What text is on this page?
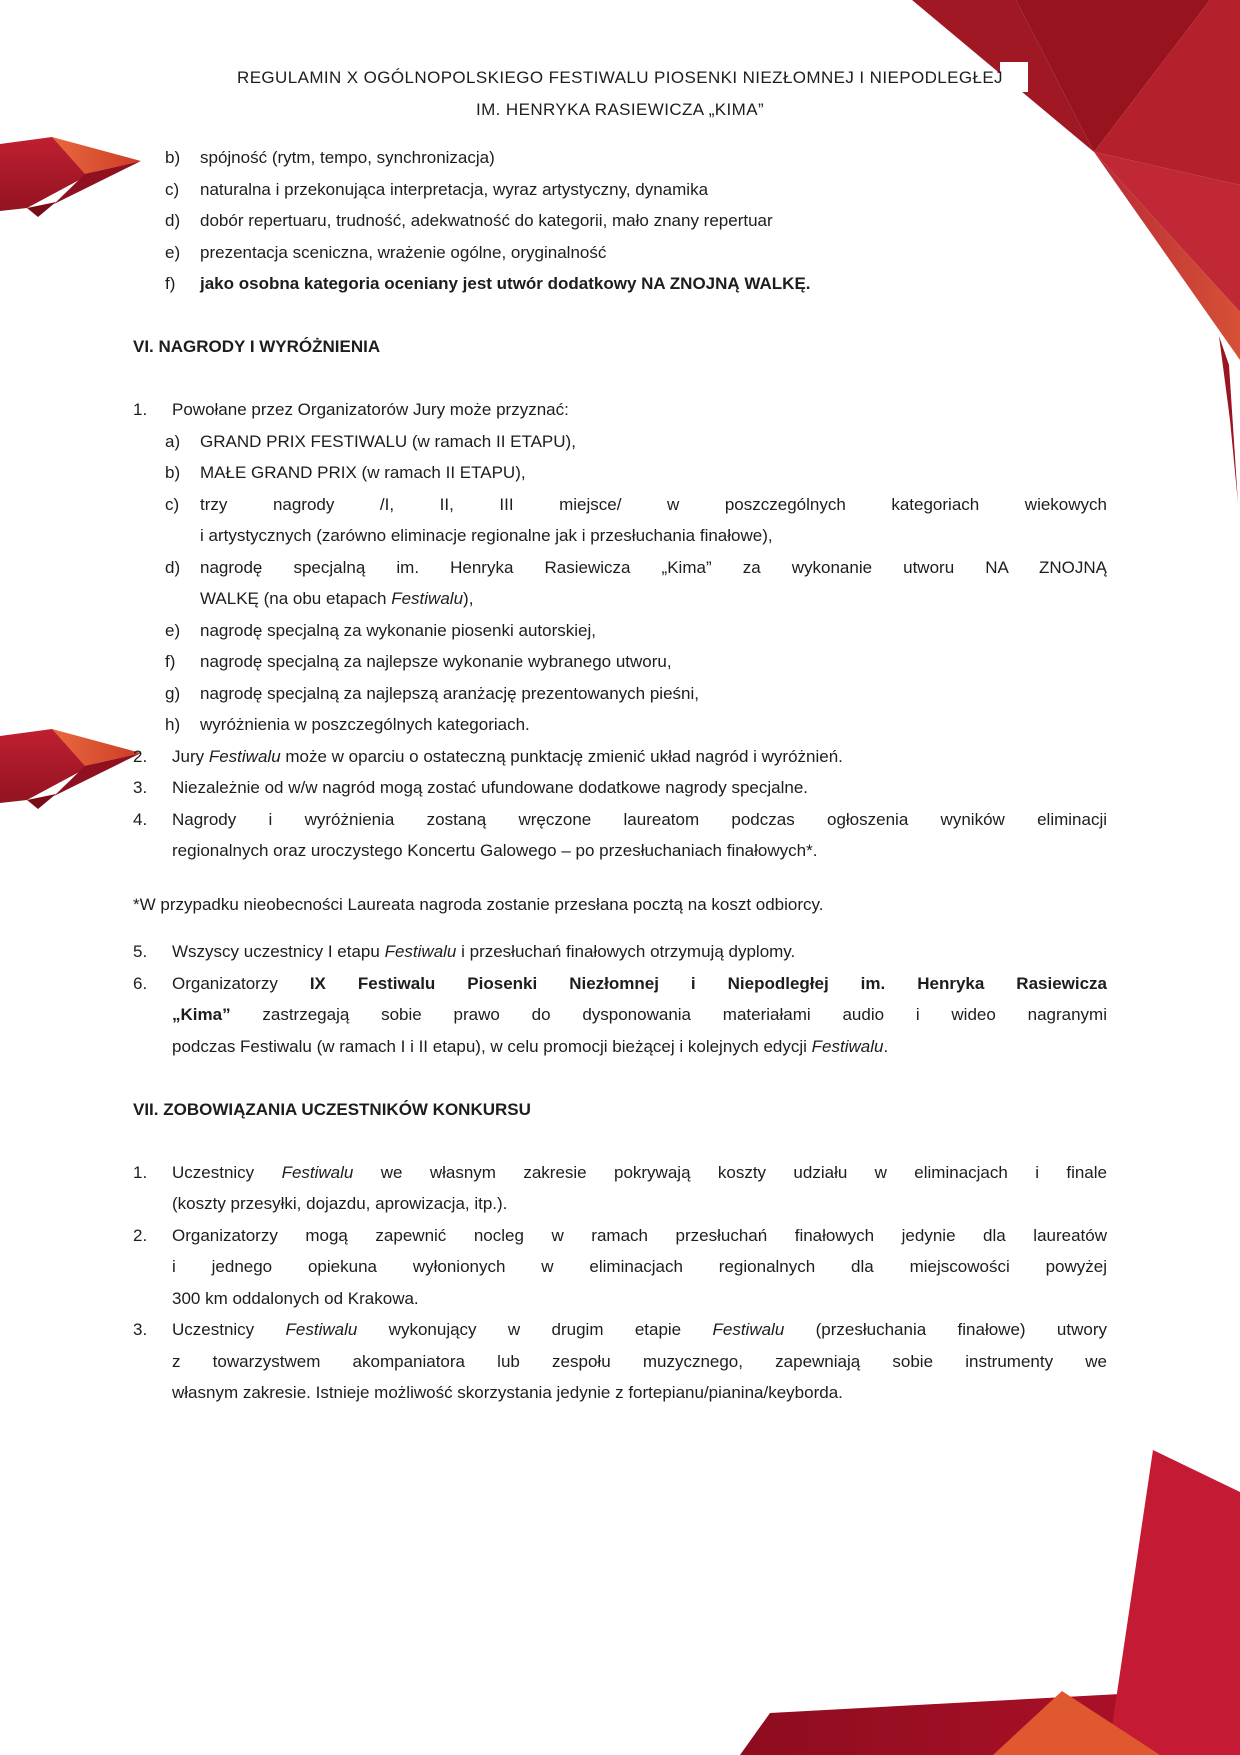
REGULAMIN X OGÓLNOPOLSKIEGO FESTIWALU PIOSENKI NIEZŁOMNEJ I NIEPODLEGŁEJ
IM. HENRYKA RASIEWICZA „KIMA”
b)	spójność (rytm, tempo, synchronizacja)
c)	naturalna i przekonująca interpretacja, wyraz artystyczny, dynamika
d)	dobór repertuaru, trudność, adekwatność do kategorii, mało znany repertuar
e)	prezentacja sceniczna, wrażenie ogólne, oryginalność
f)	jako osobna kategoria oceniany jest utwór dodatkowy NA ZNOJNĄ WALKĘ.
VI. NAGRODY I WYRÓŻNIENIA
1.	Powołane przez Organizatorów Jury może przyznać:
a)	GRAND PRIX FESTIWALU (w ramach II ETAPU),
b)	MAŁE GRAND PRIX (w ramach II ETAPU),
c)	trzy nagrody /I, II, III miejsce/ w poszczególnych kategoriach wiekowych
i artystycznych (zarówno eliminacje regionalne jak i przesłuchania finałowe),
d)	nagrodę specjalną im. Henryka Rasiewicza „Kima” za wykonanie utworu NA ZNOJNĄ
WALKĘ (na obu etapach Festiwalu),
e)	nagrodę specjalną za wykonanie piosenki autorskiej,
f)	nagrodę specjalną za najlepsze wykonanie wybranego utworu,
g)	nagrodę specjalną za najlepszą aranżację prezentowanych pieśni,
h)	wyróżnienia w poszczególnych kategoriach.
2.	Jury Festiwalu może w oparciu o ostateczną punktację zmienić układ nagród i wyróżnień.
3.	Niezależnie od w/w nagród mogą zostać ufundowane dodatkowe nagrody specjalne.
4.	Nagrody i wyróżnienia zostaną wręczone laureatom podczas ogłoszenia wyników eliminacji
regionalnych oraz uroczystego Koncertu Galowego – po przesłuchaniach finałowych*.
*W przypadku nieobecności Laureata nagroda zostanie przesłana pocztą na koszt odbiorcy.
5.	Wszyscy uczestnicy I etapu Festiwalu i przesłuchań finałowych otrzymują dyplomy.
6.	Organizatorzy IX Festiwalu Piosenki Niezłomnej i Niepodległej im. Henryka Rasiewicza
„Kima” zastrzegają sobie prawo do dysponowania materiałami audio i wideo nagranymi
podczas Festiwalu (w ramach I i II etapu), w celu promocji bieżącej i kolejnych edycji Festiwalu.
VII. ZOBOWIĄZANIA UCZESTNIKÓW KONKURSU
1.	Uczestnicy Festiwalu we własnym zakresie pokrywają koszty udziału w eliminacjach i finale
(koszty przesyłki, dojazdu, aprowizacja, itp.).
2.	Organizatorzy mogą zapewnić nocleg w ramach przesłuchań finałowych jedynie dla laureatów
i jednego opiekuna wyłonionych w eliminacjach regionalnych dla miejscowości powyżej
300 km oddalonych od Krakowa.
3.	Uczestnicy Festiwalu wykonujący w drugim etapie Festiwalu (przesłuchania finałowe) utwory
z towarzystwem akompaniatora lub zespołu muzycznego, zapewniają sobie instrumenty we
własnym zakresie. Istnieje możliwość skorzystania jedynie z fortepianu/pianina/keyborda.
